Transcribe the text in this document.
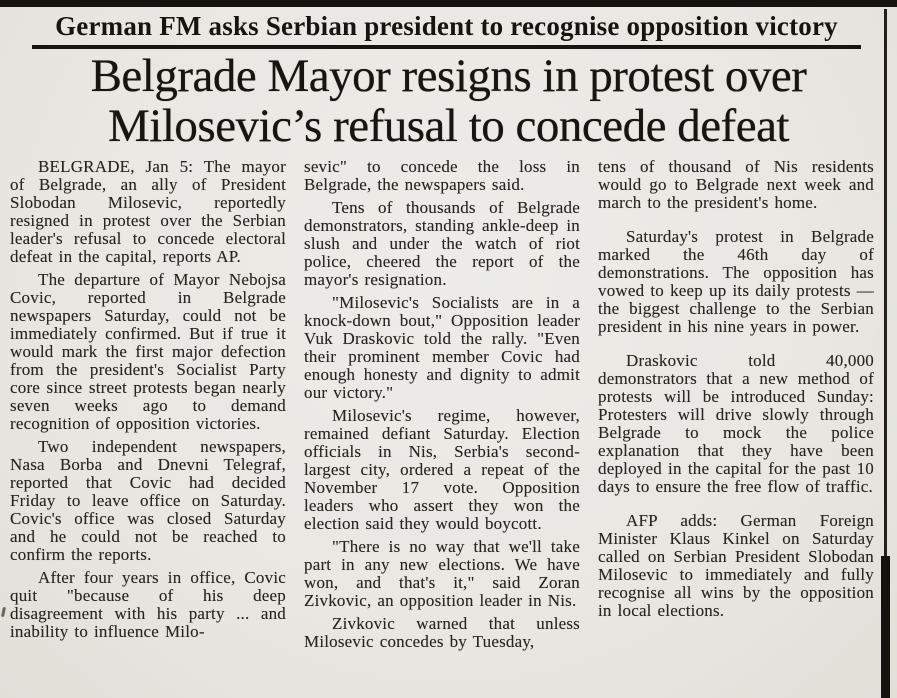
German FM asks Serbian president to recognise opposition victory
Belgrade Mayor resigns in protest over
Milosevic’s refusal to concede defeat

BELGRADE, Jan 5: The mayor of Belgrade, an ally of President Slobodan Milosevic, reportedly resigned in protest over the Serbian leader's refusal to concede electoral defeat in the capital, reports AP.

The departure of Mayor Nebojsa Covic, reported in Belgrade newspapers Saturday, could not be immediately confirmed. But if true it would mark the first major defection from the president's Socialist Party core since street protests began nearly seven weeks ago to demand recognition of opposition victories.

Two independent newspapers, Nasa Borba and Dnevni Telegraf, reported that Covic had decided Friday to leave office on Saturday. Covic's office was closed Saturday and he could not be reached to confirm the reports.

After four years in office, Covic quit "because of his deep disagreement with his party ... and inability to influence Milo-

sevic" to concede the loss in Belgrade, the newspapers said.

Tens of thousands of Belgrade demonstrators, standing ankle-deep in slush and under the watch of riot police, cheered the report of the mayor's resignation.

"Milosevic's Socialists are in a knock-down bout," Opposition leader Vuk Draskovic told the rally. "Even their prominent member Covic had enough honesty and dignity to admit our victory."

Milosevic's regime, however, remained defiant Saturday. Election officials in Nis, Serbia's second-largest city, ordered a repeat of the November 17 vote. Opposition leaders who assert they won the election said they would boycott.

"There is no way that we'll take part in any new elections. We have won, and that's it," said Zoran Zivkovic, an opposition leader in Nis.

Zivkovic warned that unless Milosevic concedes by Tuesday,

tens of thousand of Nis residents would go to Belgrade next week and march to the president's home.

Saturday's protest in Belgrade marked the 46th day of demonstrations. The opposition has vowed to keep up its daily protests — the biggest challenge to the Serbian president in his nine years in power.

Draskovic told 40,000 demonstrators that a new method of protests will be introduced Sunday: Protesters will drive slowly through Belgrade to mock the police explanation that they have been deployed in the capital for the past 10 days to ensure the free flow of traffic.

AFP adds: German Foreign Minister Klaus Kinkel on Saturday called on Serbian President Slobodan Milosevic to immediately and fully recognise all wins by the opposition in local elections.
